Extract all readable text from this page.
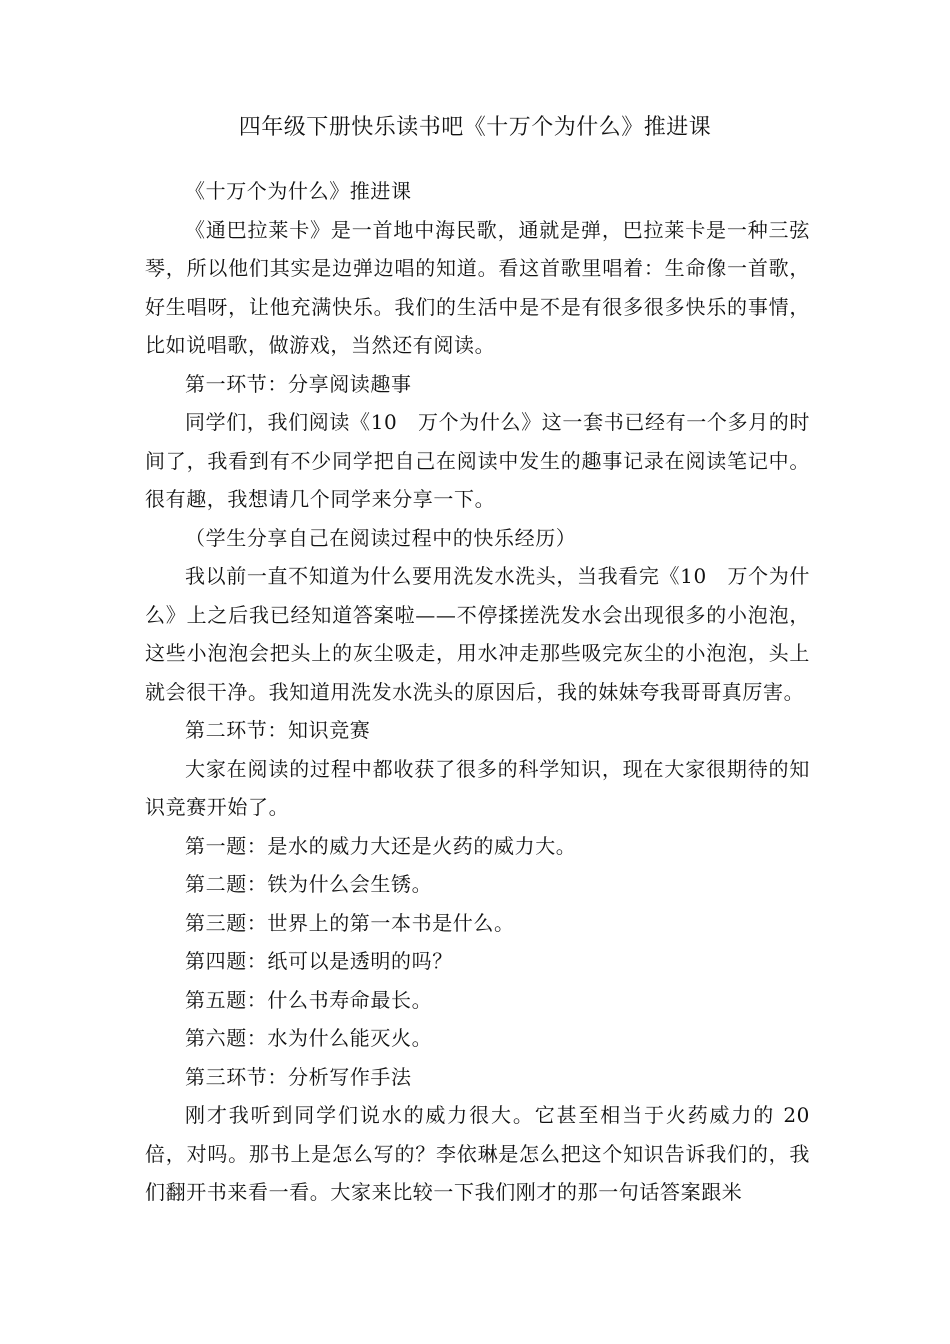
四年级下册快乐读书吧《十万个为什么》推进课

《十万个为什么》推进课

《通巴拉莱卡》是一首地中海民歌，通就是弹，巴拉莱卡是一种三弦琴，所以他们其实是边弹边唱的知道。看这首歌里唱着：生命像一首歌，好生唱呀，让他充满快乐。我们的生活中是不是有很多很多快乐的事情，比如说唱歌，做游戏，当然还有阅读。

第一环节：分享阅读趣事

同学们，我们阅读《10　万个为什么》这一套书已经有一个多月的时间了，我看到有不少同学把自己在阅读中发生的趣事记录在阅读笔记中。很有趣，我想请几个同学来分享一下。

（学生分享自己在阅读过程中的快乐经历）

我以前一直不知道为什么要用洗发水洗头，当我看完《10　万个为什么》上之后我已经知道答案啦——不停揉搓洗发水会出现很多的小泡泡，这些小泡泡会把头上的灰尘吸走，用水冲走那些吸完灰尘的小泡泡，头上就会很干净。我知道用洗发水洗头的原因后，我的妹妹夸我哥哥真厉害。

第二环节：知识竞赛

大家在阅读的过程中都收获了很多的科学知识，现在大家很期待的知识竞赛开始了。

第一题：是水的威力大还是火药的威力大。

第二题：铁为什么会生锈。

第三题：世界上的第一本书是什么。

第四题：纸可以是透明的吗？

第五题：什么书寿命最长。

第六题：水为什么能灭火。

第三环节：分析写作手法

刚才我听到同学们说水的威力很大。它甚至相当于火药威力的 20倍，对吗。那书上是怎么写的？李依琳是怎么把这个知识告诉我们的，我们翻开书来看一看。大家来比较一下我们刚才的那一句话答案跟米
